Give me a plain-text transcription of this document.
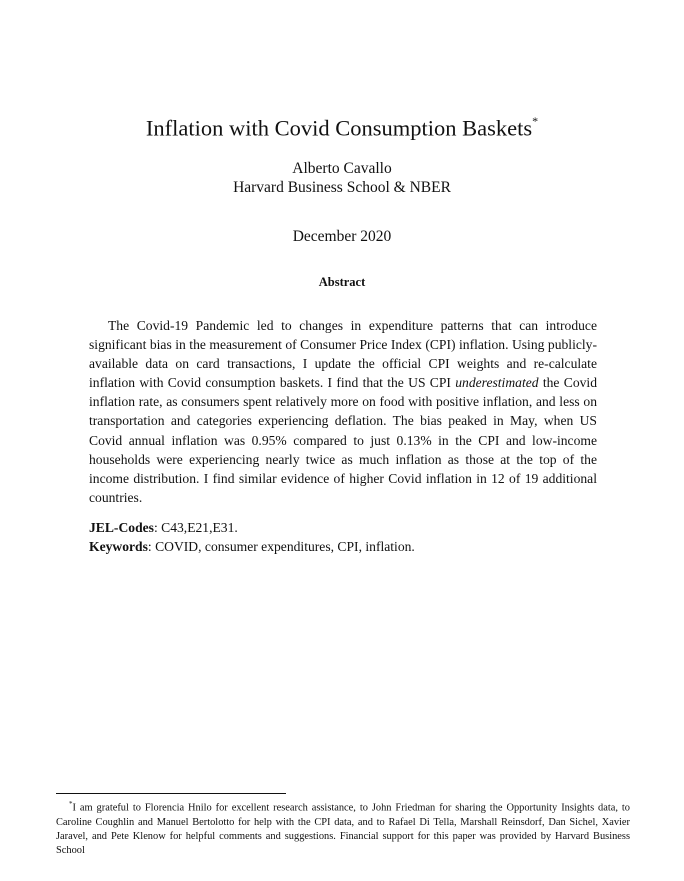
Inflation with Covid Consumption Baskets*
Alberto Cavallo
Harvard Business School & NBER
December 2020
Abstract

The Covid-19 Pandemic led to changes in expenditure patterns that can introduce significant bias in the measurement of Consumer Price Index (CPI) inflation. Using publicly-available data on card transactions, I update the official CPI weights and re-calculate inflation with Covid consumption baskets. I find that the US CPI underestimated the Covid inflation rate, as consumers spent relatively more on food with positive inflation, and less on transportation and categories experiencing deflation. The bias peaked in May, when US Covid annual inflation was 0.95% compared to just 0.13% in the CPI and low-income households were experiencing nearly twice as much inflation as those at the top of the income distribution. I find similar evidence of higher Covid inflation in 12 of 19 additional countries.

JEL-Codes: C43,E21,E31.
Keywords: COVID, consumer expenditures, CPI, inflation.

*I am grateful to Florencia Hnilo for excellent research assistance, to John Friedman for sharing the Opportunity Insights data, to Caroline Coughlin and Manuel Bertolotto for help with the CPI data, and to Rafael Di Tella, Marshall Reinsdorf, Dan Sichel, Xavier Jaravel, and Pete Klenow for helpful comments and suggestions. Financial support for this paper was provided by Harvard Business School
